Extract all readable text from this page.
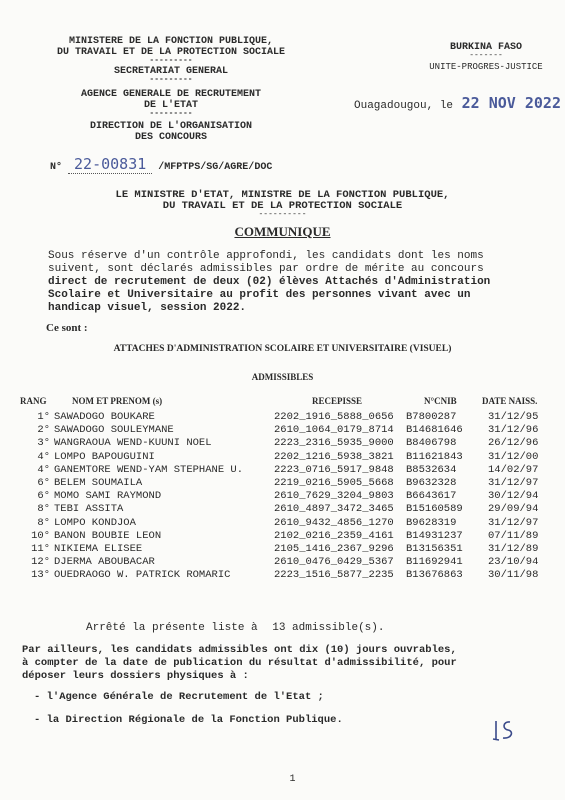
MINISTERE DE LA FONCTION PUBLIQUE,
DU TRAVAIL ET DE LA PROTECTION SOCIALE
---------
SECRETARIAT GENERAL
---------
AGENCE GENERALE DE RECRUTEMENT
DE L'ETAT
---------
DIRECTION DE L'ORGANISATION
DES CONCOURS
BURKINA FASO
-------
UNITE-PROGRES-JUSTICE
Ouagadougou, le 22 NOV 2022
N° 22-00831 /MFPTPS/SG/AGRE/DOC
LE MINISTRE D'ETAT, MINISTRE DE LA FONCTION PUBLIQUE,
DU TRAVAIL ET DE LA PROTECTION SOCIALE
----------
COMMUNIQUE
Sous réserve d'un contrôle approfondi, les candidats dont les noms
suivent, sont déclarés admissibles par ordre de mérite au concours
direct de recrutement de deux (02) élèves Attachés d'Administration
Scolaire et Universitaire au profit des personnes vivant avec un
handicap visuel, session 2022.
Ce sont :
ATTACHES D'ADMINISTRATION SCOLAIRE ET UNIVERSITAIRE (VISUEL)
ADMISSIBLES
RANG	NOM ET PRENOM (s)	RECEPISSE	N°CNIB	DATE NAISS.
1° SAWADOGO BOUKARE	2202_1916_5888_0656 B7800287	31/12/95
2° SAWADOGO SOULEYMANE	2610_1064_0179_8714 B14681646 31/12/96
3° WANGRAOUA WEND-KUUNI NOEL	2223_2316_5935_9000 B8406798	26/12/96
4° LOMPO BAPOUGUINI	2202_1216_5938_3821 B11621843 31/12/00
4° GANEMTORE WEND-YAM STEPHANE U.	2223_0716_5917_9848 B8532634	14/02/97
6° BELEM SOUMAILA	2219_0216_5905_5668 B9632328	31/12/97
6° MOMO SAMI RAYMOND	2610_7629_3204_9803 B6643617	30/12/94
8° TEBI ASSITA	2610_4897_3472_3465 B15160589 29/09/94
8° LOMPO KONDJOA	2610_9432_4856_1270 B9628319	31/12/97
10° BANON BOUBIE LEON	2102_0216_2359_4161 B14931237 07/11/89
11° NIKIEMA ELISEE	2105_1416_2367_9296 B13156351 31/12/89
12° DJERMA ABOUBACAR	2610_0476_0429_5367 B11692941 23/10/94
13° OUEDRAOGO W. PATRICK ROMARIC	2223_1516_5877_2235 B13676863 30/11/98
Arrêté la présente liste à 13 admissible(s).
Par ailleurs, les candidats admissibles ont dix (10) jours ouvrables,
à compter de la date de publication du résultat d'admissibilité, pour
déposer leurs dossiers physiques à :
- l'Agence Générale de Recrutement de l'Etat ;
- la Direction Régionale de la Fonction Publique.
1
